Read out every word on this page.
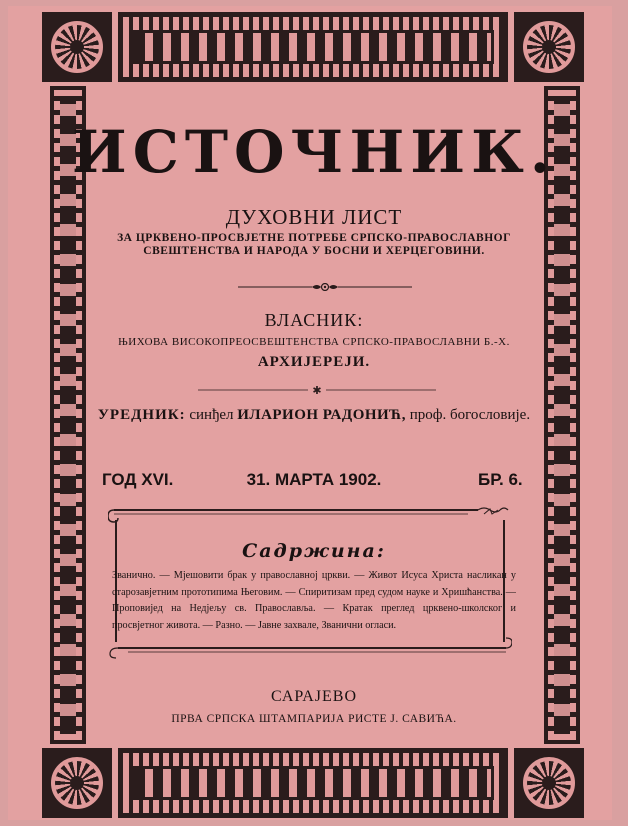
ИСТОЧНИК.
ДУХОВНИ ЛИСТ
ЗА ЦРКВЕНО-ПРОСВЈЕТНЕ ПОТРЕБЕ СРПСКО-ПРАВОСЛАВНОГ
СВЕШТЕНСТВА И НАРОДА У БОСНИ И ХЕРЦЕГОВИНИ.
ВЛАСНИК:
ЊИХОВА ВИСОКОПРЕОСВЕШТЕНСТВА СРПСКО-ПРАВОСЛАВНИ Б.-Х.
АРХИЈЕРЕЈИ.
✱
УРЕДНИК: синђел ИЛАРИОН РАДОНИЋ, проф. богословије.
ГОД XVI.	31. МАРТА 1902.	БР. 6.
Садржина:
Званично. — Мјешовити брак у православној цркви. — Живот Исуса Христа насликан у старозавјетним прототипима Његовим. — Спиритизам пред судом науке и Хришћанства. — Проповијед на Недјељу св. Православља. — Кратак преглед црквено-школског и просвјетног живота. — Разно. — Јавне захвале, Званични огласи.
САРАЈЕВО
ПРВА СРПСКА ШТАМПАРИЈА РИСТЕ Ј. САВИЋА.
